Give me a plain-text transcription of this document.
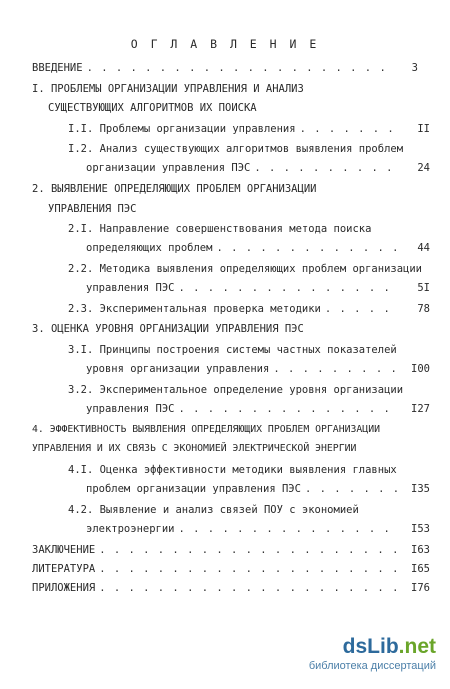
О Г Л А В Л Е Н И Е
ВВЕДЕНИЕ . . .	3
I. ПРОБЛЕМЫ ОРГАНИЗАЦИИ УПРАВЛЕНИЯ И АНАЛИЗ
СУЩЕСТВУЮЩИХ АЛГОРИТМОВ ИХ ПОИСКА
I.I. Проблемы организации управления . . .	II
I.2. Анализ существующих алгоритмов выявления проблем
организации управления ПЭС . . .	24
2. ВЫЯВЛЕНИЕ ОПРЕДЕЛЯЮЩИХ ПРОБЛЕМ ОРГАНИЗАЦИИ
УПРАВЛЕНИЯ ПЭС
2.I. Направление совершенствования метода поиска
определяющих проблем . . .	44
2.2. Методика выявления определяющих проблем организации
управления ПЭС . . .	5I
2.3. Экспериментальная проверка методики . . .	78
3. ОЦЕНКА УРОВНЯ ОРГАНИЗАЦИИ УПРАВЛЕНИЯ ПЭС
3.I. Принципы построения системы частных показателей
уровня организации управления . . .	I00
3.2. Экспериментальное определение уровня организации
управления ПЭС . . .	I27
4. ЭФФЕКТИВНОСТЬ ВЫЯВЛЕНИЯ ОПРЕДЕЛЯЮЩИХ ПРОБЛЕМ ОРГАНИЗАЦИИ
УПРАВЛЕНИЯ И ИХ СВЯЗЬ С ЭКОНОМИЕЙ ЭЛЕКТРИЧЕСКОЙ ЭНЕРГИИ
4.I. Оценка эффективности методики выявления главных
проблем организации управления ПЭС . . .	I35
4.2. Выявление и анализ связей ПОУ с экономией
электроэнергии . . .	I53
ЗАКЛЮЧЕНИЕ . . .	I63
ЛИТЕРАТУРА . . .	I65
ПРИЛОЖЕНИЯ . . .	I76
dsLib.net
библиотека диссертаций
